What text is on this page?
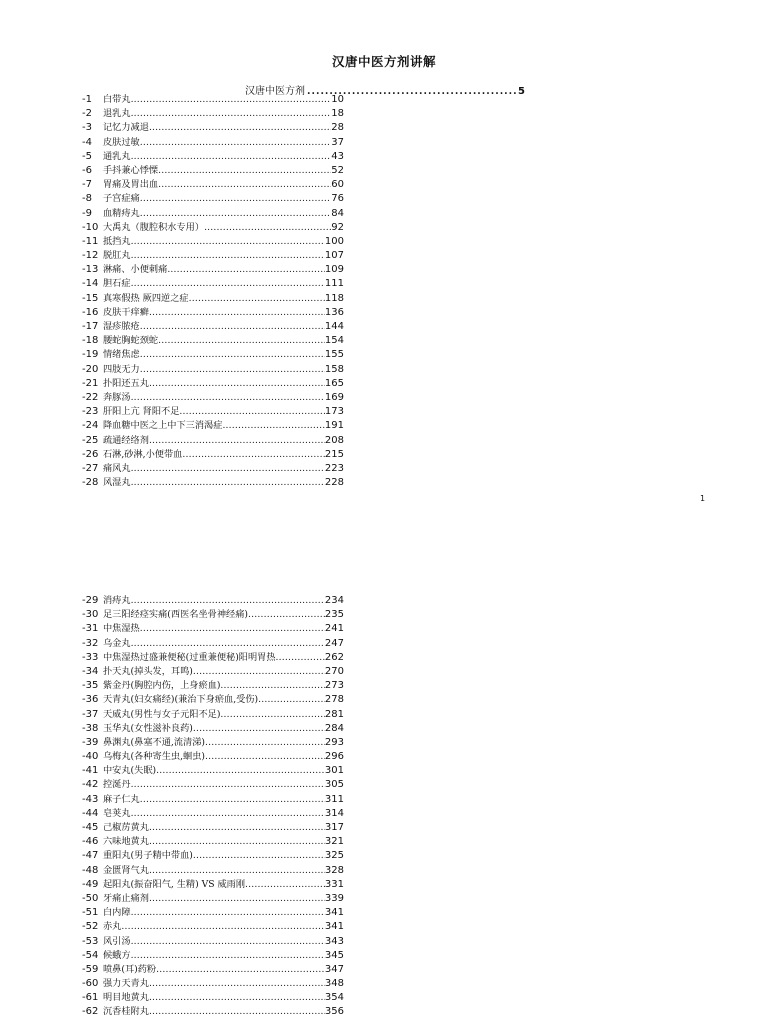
汉唐中医方剂讲解
汉唐中医方剂 .....	5
-1 白带丸 .....	10
-2 退乳丸 .....	18
-3 记忆力减退 .....	28
-4 皮肤过敏 .....	37
-5 通乳丸 .....	43
-6 手抖兼心悸慄 .....	52
-7 胃痛及胃出血 .....	60
-8 子宫症痛 .....	76
-9 血精痔丸 .....	84
-10 大禹丸（腹腔积水专用） .....	92
-11 抵挡丸 .....	100
-12 脱肛丸 .....	107
-13 淋痛、小便刺痛 .....	109
-14 胆石症 .....	111
-15 真寒假热 厥四逆之症 .....	118
-16 皮肤干痒癣 .....	136
-17 湿疹脓疮 .....	144
-18 腰蛇胸蛇颈蛇 .....	154
-19 情绪焦虑 .....	155
-20 四肢无力 .....	158
-21 扑阳还五丸 .....	165
-22 奔豚汤 .....	169
-23 肝阳上亢 肾阳不足 .....	173
-24 降血糖中医之上中下三消渴症 .....	191
-25 疏通经络剂 .....	208
-26 石淋,砂淋,小便带血 .....	215
-27 痛风丸 .....	223
-28 风湿丸 .....	228
1
-29 消痔丸 .....	234
-30 足三阳经痉实痛(西医名坐骨神经痛) .....	235
-31 中焦湿热 .....	241
-32 乌金丸 .....	247
-33 中焦湿热过盛兼便秘(过重兼便秘)阳明胃热 .....	262
-34 扑天丸(掉头发，耳鸣) .....	270
-35 紫金丹(胸腔内伤，上身瘀血) .....	273
-36 天青丸(妇女痛经)(兼治下身瘀血,受伤) .....	278
-37 天威丸(男性与女子元阳不足) .....	281
-38 玉华丸(女性滋补良药) .....	284
-39 鼻渊丸(鼻塞不通,流清涕) .....	293
-40 乌梅丸(各种寄生虫,蛔虫) .....	296
-41 中安丸(失眠) .....	301
-42 控涎丹 .....	305
-43 麻子仁丸 .....	311
-44 皂荚丸 .....	314
-45 己椒苈黄丸 .....	317
-46 六味地黄丸 .....	321
-47 重阳丸(男子精中带血) .....	325
-48 金匮肾气丸 .....	328
-49 起阳丸(振奋阳气, 生精) VS 威雨刚 .....	331
-50 牙痛止痛剂 .....	339
-51 白内障 .....	341
-52 赤丸 .....	341
-53 风引汤 .....	343
-54 候蛾方 .....	345
-59 喷鼻(耳)药粉 .....	347
-60 强力天青丸 .....	348
-61 明目地黄丸 .....	354
-62 沉香桂附丸 .....	356
